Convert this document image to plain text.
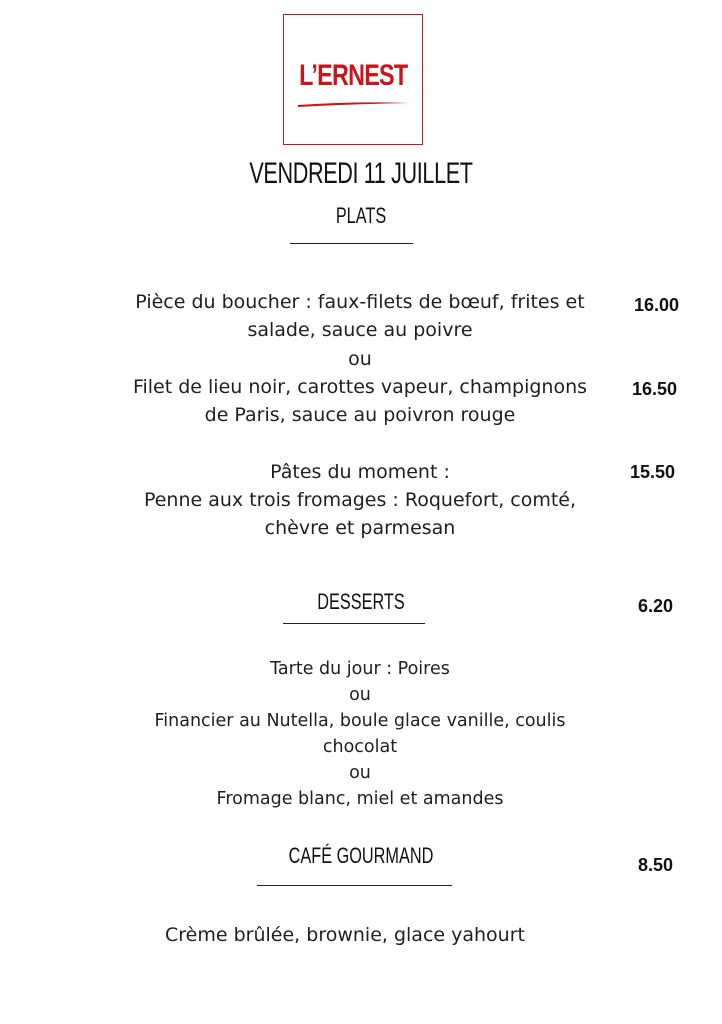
L’ERNEST
VENDREDI 11 JUILLET
PLATS
Pièce du boucher : faux-filets de bœuf, frites et
salade, sauce au poivre
16.00
ou
Filet de lieu noir, carottes vapeur, champignons
de Paris, sauce au poivron rouge
16.50
Pâtes du moment :
Penne aux trois fromages : Roquefort, comté,
chèvre et parmesan
15.50
DESSERTS	6.20
Tarte du jour : Poires
ou
Financier au Nutella, boule glace vanille, coulis
chocolat
ou
Fromage blanc, miel et amandes
CAFÉ GOURMAND	8.50
Crème brûlée, brownie, glace yahourt
